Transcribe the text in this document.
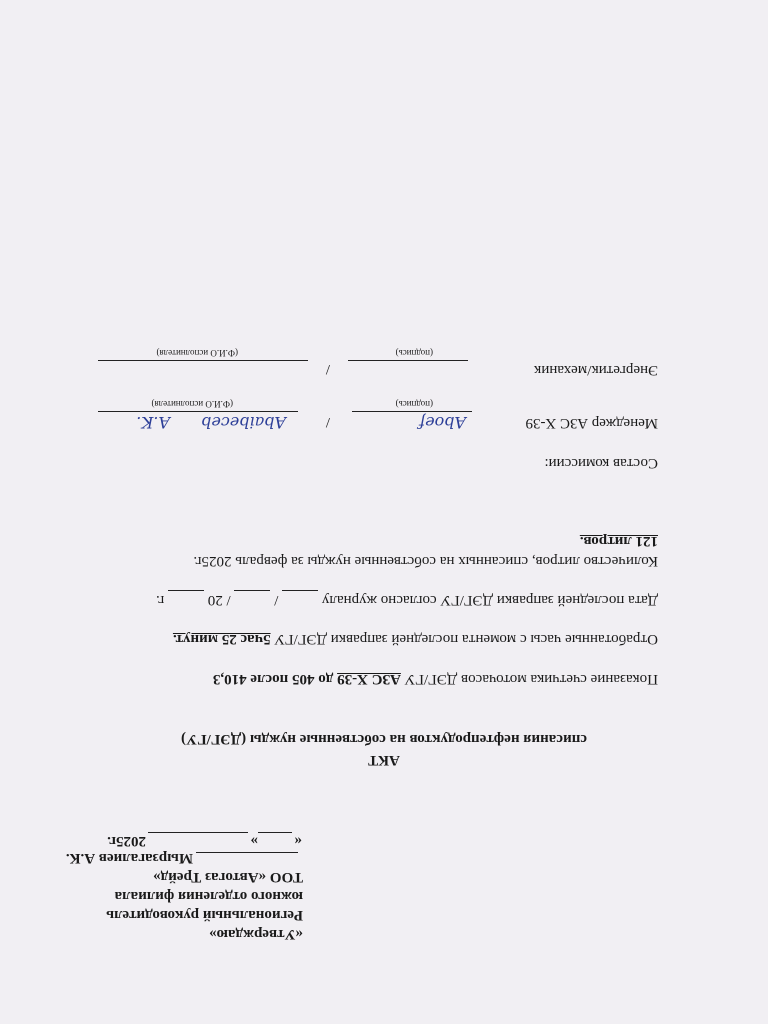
«Утверждаю»
Региональный руководитель
южного отделения филиала
ТОО «Автогаз Трейд»
Мырзагалиев А.К.
«
»
2025г.
АКТ
списания нефтепродуктов на собственные нужды (ДЭГ/ГУ)
Показание счетчика моточасов ДЭГ/ГУ АЗС Х-39 до 405 после 410,3
Отработанные часы с момента последней заправки ДЭГ/ГУ 5час 25 минут.
Дата последней заправки ДЭГ/ГУ согласно журналу   /   / 20   г.
Количество литров, списанных на собственные нужды за февраль 2025г.
121 литров.
Состав комиссии:
Менеджер АЗС Х-39
Aboef
(подпись)
/
Abaibeceb
A.K.
(Ф.И.О исполнителя)
Энергетик/механик
(подпись)
/
(Ф.И.О исполнителя)
